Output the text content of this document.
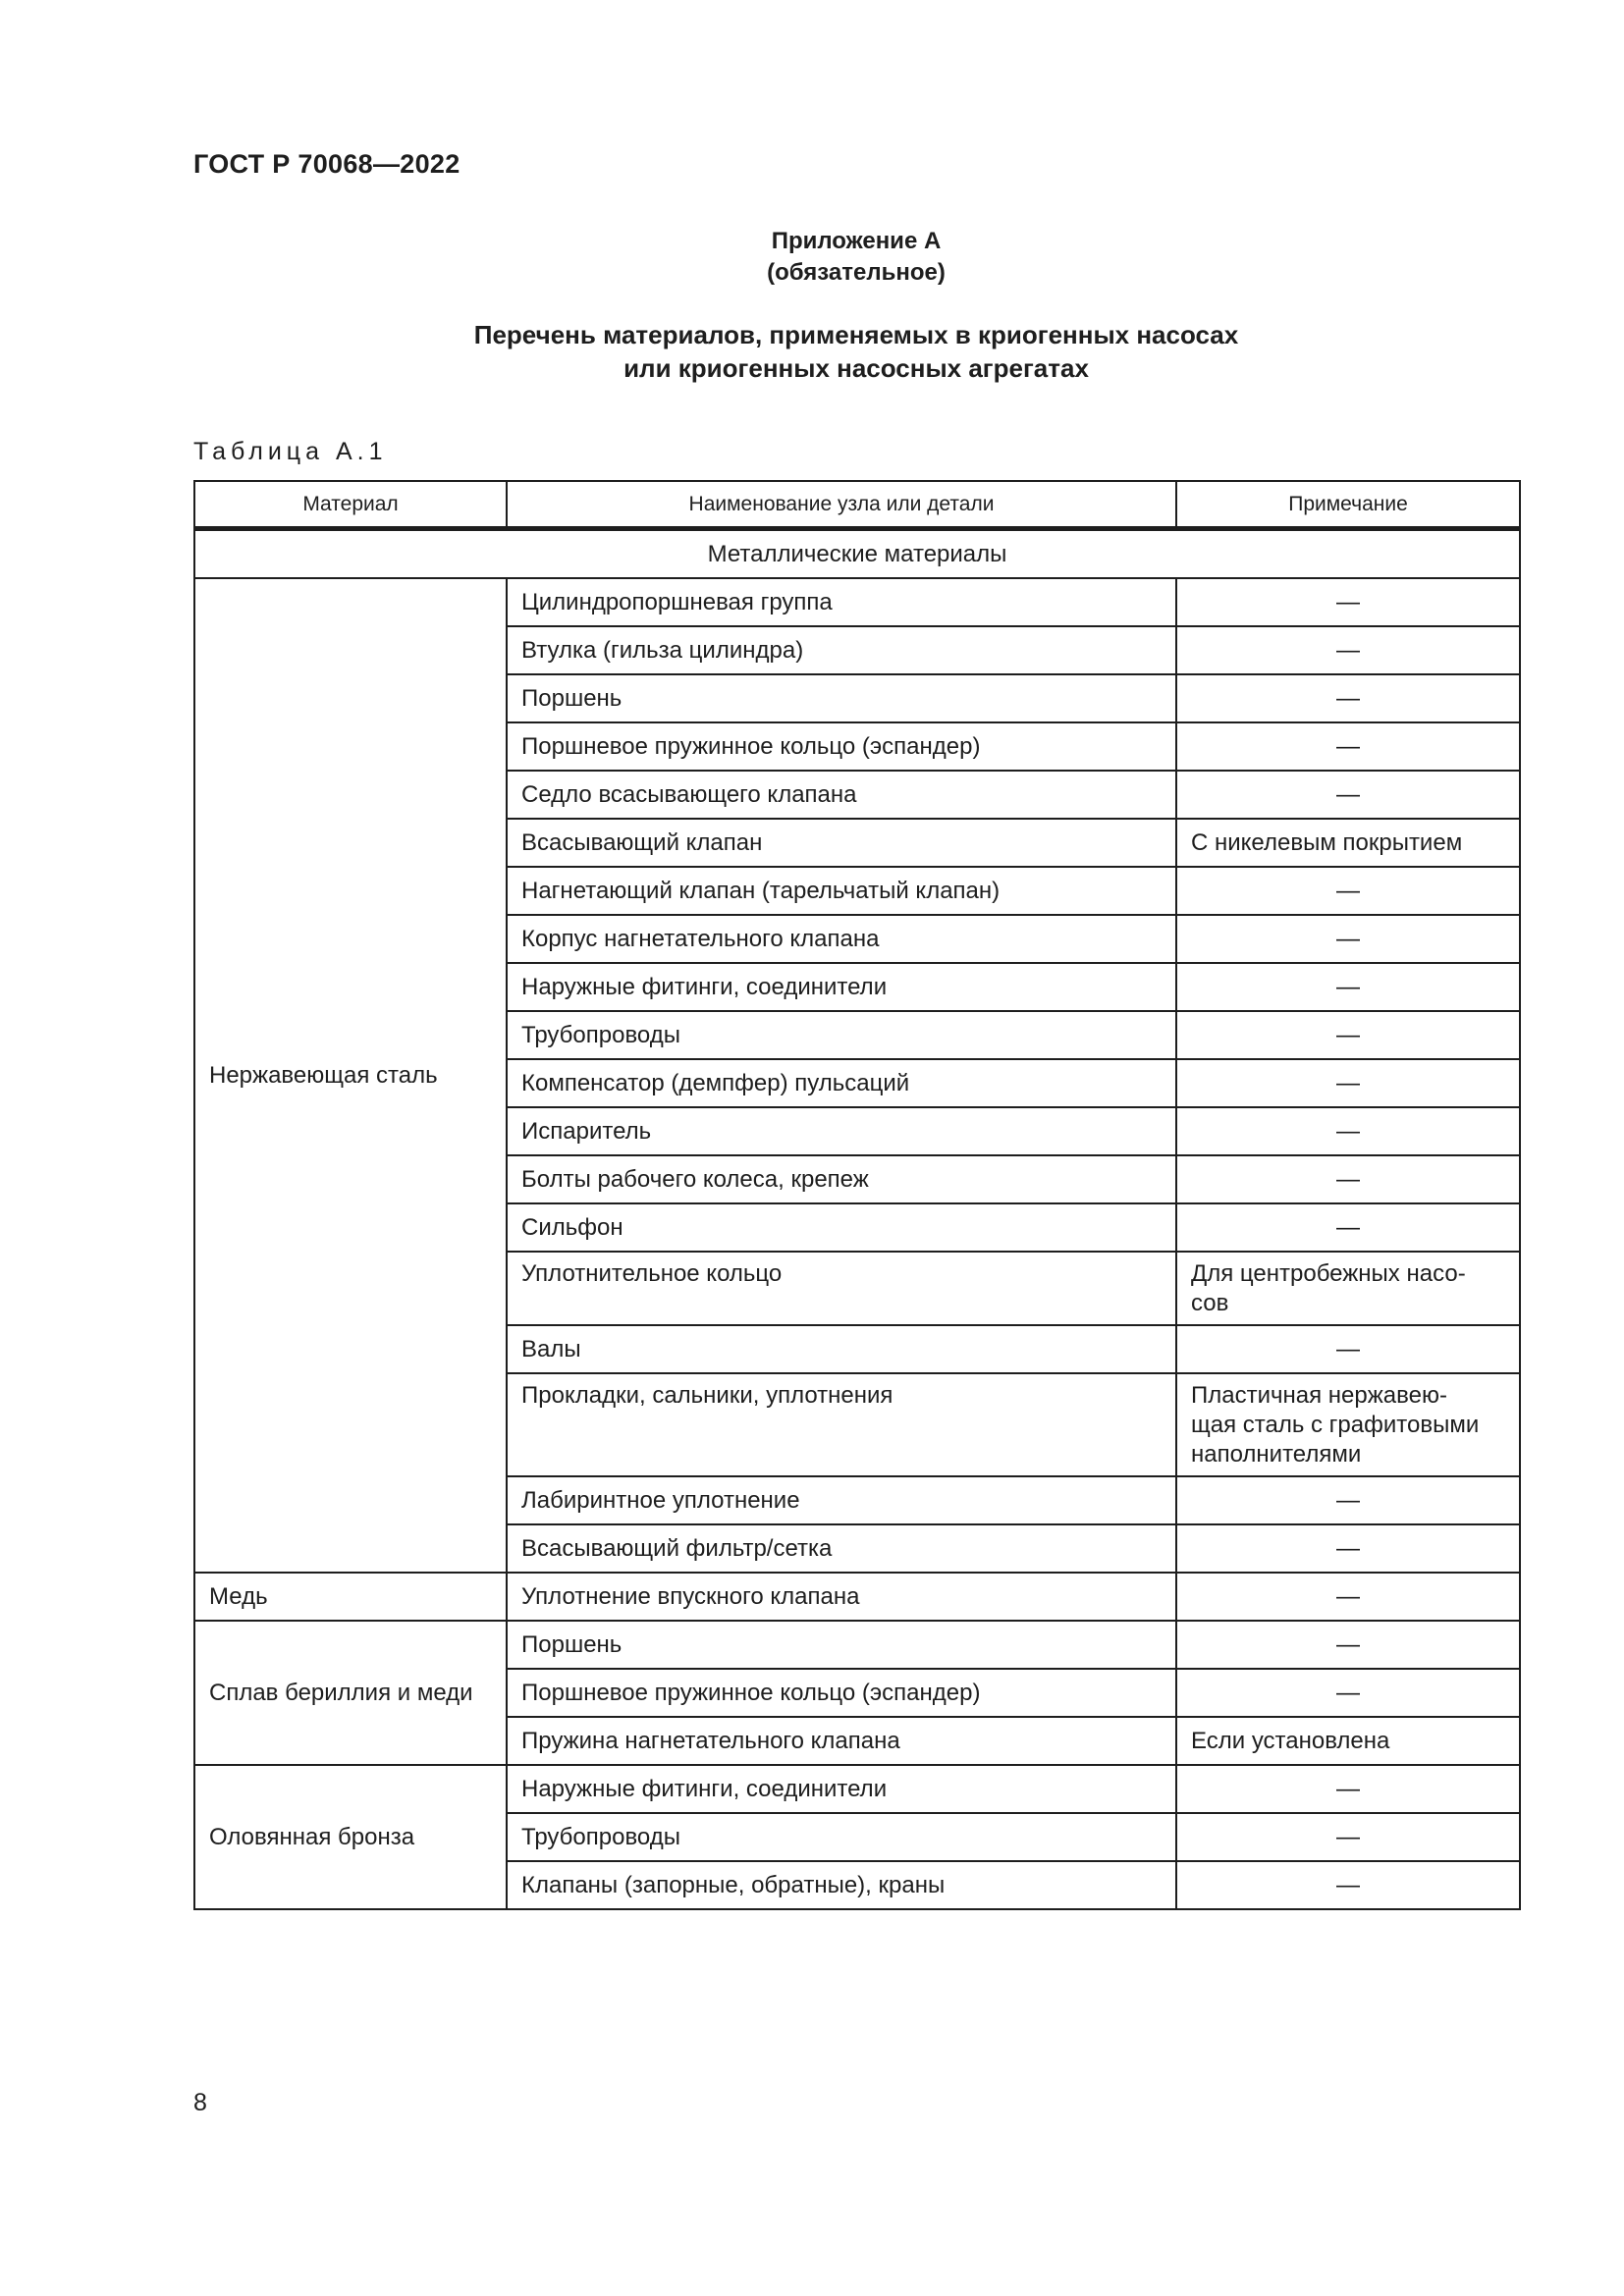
ГОСТ Р 70068—2022
Приложение А
(обязательное)
Перечень материалов, применяемых в криогенных насосах
или криогенных насосных агрегатах
Таблица А.1
Материал	Наименование узла или детали	Примечание
Металлические материалы		
Нержавеющая сталь	Цилиндропоршневая группа	—
	Втулка (гильза цилиндра)	—
	Поршень	—
	Поршневое пружинное кольцо (эспандер)	—
	Седло всасывающего клапана	—
	Всасывающий клапан	С никелевым покрытием
	Нагнетающий клапан (тарельчатый клапан)	—
	Корпус нагнетательного клапана	—
	Наружные фитинги, соединители	—
	Трубопроводы	—
	Компенсатор (демпфер) пульсаций	—
	Испаритель	—
	Болты рабочего колеса, крепеж	—
	Сильфон	—
	Уплотнительное кольцо	Для центробежных насо-
сов
	Валы	—
	Прокладки, сальники, уплотнения	Пластичная нержавею-
щая сталь с графитовыми
наполнителями
	Лабиринтное уплотнение	—
	Всасывающий фильтр/сетка	—
Медь	Уплотнение впускного клапана	—
Сплав бериллия и меди	Поршень	—
	Поршневое пружинное кольцо (эспандер)	—
	Пружина нагнетательного клапана	Если установлена
Оловянная бронза	Наружные фитинги, соединители	—
	Трубопроводы	—
	Клапаны (запорные, обратные), краны	—
8
